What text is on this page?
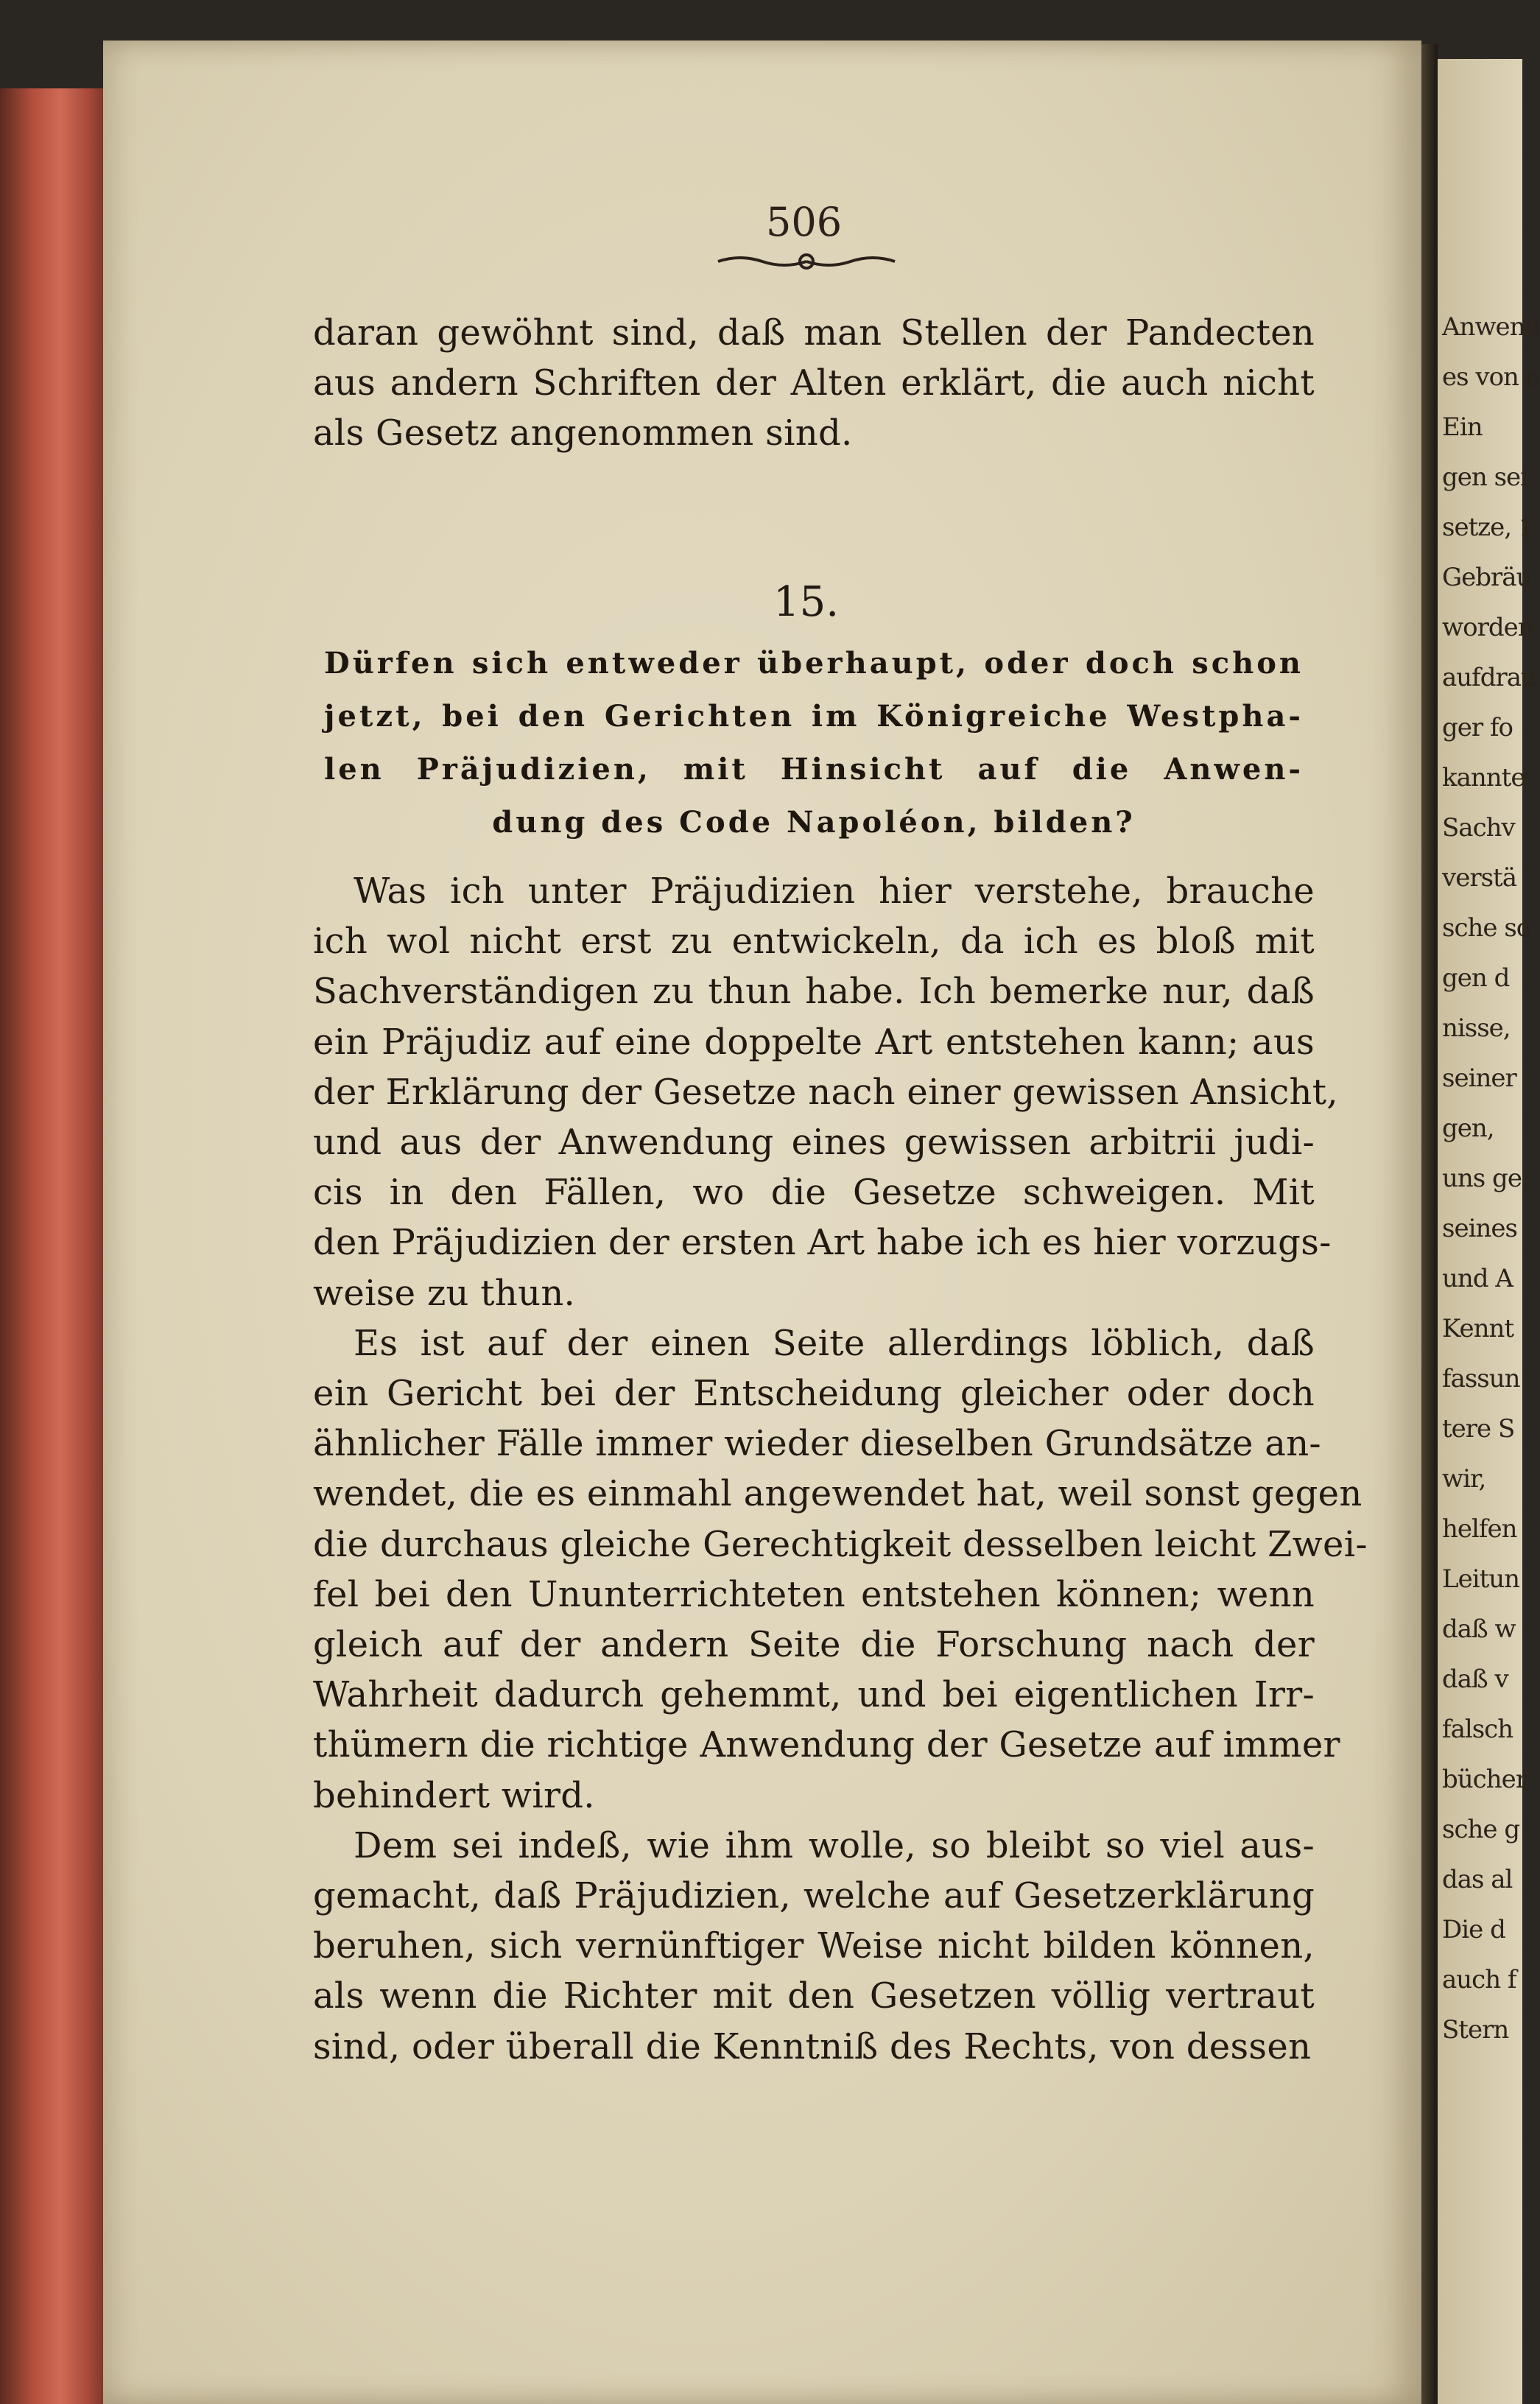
Anwend
es von e
Ein
gen sei
setze, 1
Gebräu
worden
aufdrau
ger fo
kannte
Sachv
verstä
sche so
gen d
nisse,
seiner
gen,
uns ge
seines
und A
Kennt
fassun
tere S
wir,
helfen
Leitun
daß w
daß v
falsch
bücher
sche g
das al
Die d
auch f
Stern
506
daran gewöhnt sind, daß man Stellen der Pandecten
aus andern Schriften der Alten erklärt, die auch nicht
als Gesetz angenommen sind.
15.
Dürfen sich entweder überhaupt, oder doch schon
jetzt, bei den Gerichten im Königreiche Westpha-
len Präjudizien, mit Hinsicht auf die Anwen-
dung des Code Napoléon, bilden?
Was ich unter Präjudizien hier verstehe, brauche
ich wol nicht erst zu entwickeln, da ich es bloß mit
Sachverständigen zu thun habe. Ich bemerke nur, daß
ein Präjudiz auf eine doppelte Art entstehen kann; aus
der Erklärung der Gesetze nach einer gewissen Ansicht,
und aus der Anwendung eines gewissen arbitrii judi-
cis in den Fällen, wo die Gesetze schweigen. Mit
den Präjudizien der ersten Art habe ich es hier vorzugs-
weise zu thun.
Es ist auf der einen Seite allerdings löblich, daß
ein Gericht bei der Entscheidung gleicher oder doch
ähnlicher Fälle immer wieder dieselben Grundsätze an-
wendet, die es einmahl angewendet hat, weil sonst gegen
die durchaus gleiche Gerechtigkeit desselben leicht Zwei-
fel bei den Ununterrichteten entstehen können; wenn
gleich auf der andern Seite die Forschung nach der
Wahrheit dadurch gehemmt, und bei eigentlichen Irr-
thümern die richtige Anwendung der Gesetze auf immer
behindert wird.
Dem sei indeß, wie ihm wolle, so bleibt so viel aus-
gemacht, daß Präjudizien, welche auf Gesetzerklärung
beruhen, sich vernünftiger Weise nicht bilden können,
als wenn die Richter mit den Gesetzen völlig vertraut
sind, oder überall die Kenntniß des Rechts, von dessen
